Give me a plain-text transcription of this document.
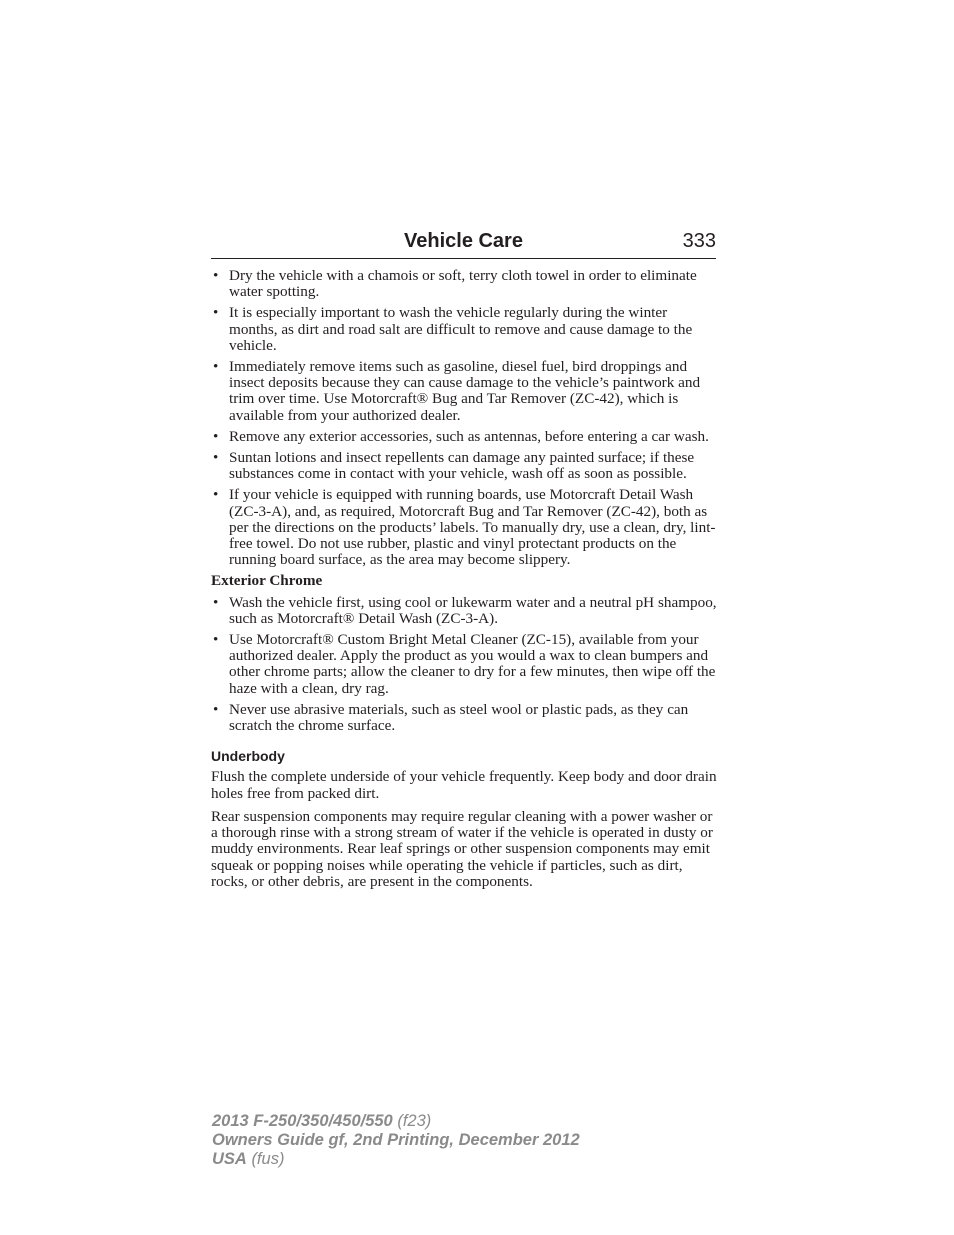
Vehicle Care	333
• Dry the vehicle with a chamois or soft, terry cloth towel in order to eliminate water spotting.
• It is especially important to wash the vehicle regularly during the winter months, as dirt and road salt are difficult to remove and cause damage to the vehicle.
• Immediately remove items such as gasoline, diesel fuel, bird droppings and insect deposits because they can cause damage to the vehicle’s paintwork and trim over time. Use Motorcraft® Bug and Tar Remover (ZC-42), which is available from your authorized dealer.
• Remove any exterior accessories, such as antennas, before entering a car wash.
• Suntan lotions and insect repellents can damage any painted surface; if these substances come in contact with your vehicle, wash off as soon as possible.
• If your vehicle is equipped with running boards, use Motorcraft Detail Wash (ZC-3-A), and, as required, Motorcraft Bug and Tar Remover (ZC-42), both as per the directions on the products’ labels. To manually dry, use a clean, dry, lint-free towel. Do not use rubber, plastic and vinyl protectant products on the running board surface, as the area may become slippery.
Exterior Chrome
• Wash the vehicle first, using cool or lukewarm water and a neutral pH shampoo, such as Motorcraft® Detail Wash (ZC-3-A).
• Use Motorcraft® Custom Bright Metal Cleaner (ZC-15), available from your authorized dealer. Apply the product as you would a wax to clean bumpers and other chrome parts; allow the cleaner to dry for a few minutes, then wipe off the haze with a clean, dry rag.
• Never use abrasive materials, such as steel wool or plastic pads, as they can scratch the chrome surface.
Underbody

Flush the complete underside of your vehicle frequently. Keep body and door drain holes free from packed dirt.

Rear suspension components may require regular cleaning with a power washer or a thorough rinse with a strong stream of water if the vehicle is operated in dusty or muddy environments. Rear leaf springs or other suspension components may emit squeak or popping noises while operating the vehicle if particles, such as dirt, rocks, or other debris, are present in the components.

2013 F-250/350/450/550 (f23)
Owners Guide gf, 2nd Printing, December 2012
USA (fus)
